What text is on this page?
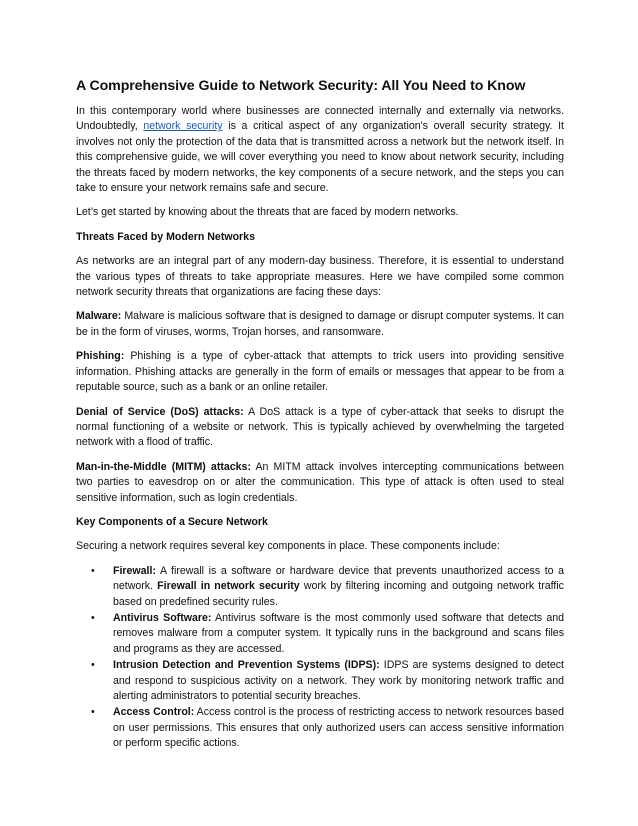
A Comprehensive Guide to Network Security: All You Need to Know

In this contemporary world where businesses are connected internally and externally via networks. Undoubtedly, network security is a critical aspect of any organization's overall security strategy. It involves not only the protection of the data that is transmitted across a network but the network itself. In this comprehensive guide, we will cover everything you need to know about network security, including the threats faced by modern networks, the key components of a secure network, and the steps you can take to ensure your network remains safe and secure.

Let’s get started by knowing about the threats that are faced by modern networks.

Threats Faced by Modern Networks

As networks are an integral part of any modern-day business. Therefore, it is essential to understand the various types of threats to take appropriate measures. Here we have compiled some common network security threats that organizations are facing these days:

Malware: Malware is malicious software that is designed to damage or disrupt computer systems. It can be in the form of viruses, worms, Trojan horses, and ransomware.

Phishing: Phishing is a type of cyber-attack that attempts to trick users into providing sensitive information. Phishing attacks are generally in the form of emails or messages that appear to be from a reputable source, such as a bank or an online retailer.

Denial of Service (DoS) attacks: A DoS attack is a type of cyber-attack that seeks to disrupt the normal functioning of a website or network. This is typically achieved by overwhelming the targeted network with a flood of traffic.

Man-in-the-Middle (MITM) attacks: An MITM attack involves intercepting communications between two parties to eavesdrop on or alter the communication. This type of attack is often used to steal sensitive information, such as login credentials.

Key Components of a Secure Network

Securing a network requires several key components in place. These components include:

• Firewall: A firewall is a software or hardware device that prevents unauthorized access to a network. Firewall in network security work by filtering incoming and outgoing network traffic based on predefined security rules.
• Antivirus Software: Antivirus software is the most commonly used software that detects and removes malware from a computer system. It typically runs in the background and scans files and programs as they are accessed.
• Intrusion Detection and Prevention Systems (IDPS): IDPS are systems designed to detect and respond to suspicious activity on a network. They work by monitoring network traffic and alerting administrators to potential security breaches.
• Access Control: Access control is the process of restricting access to network resources based on user permissions. This ensures that only authorized users can access sensitive information or perform specific actions.
